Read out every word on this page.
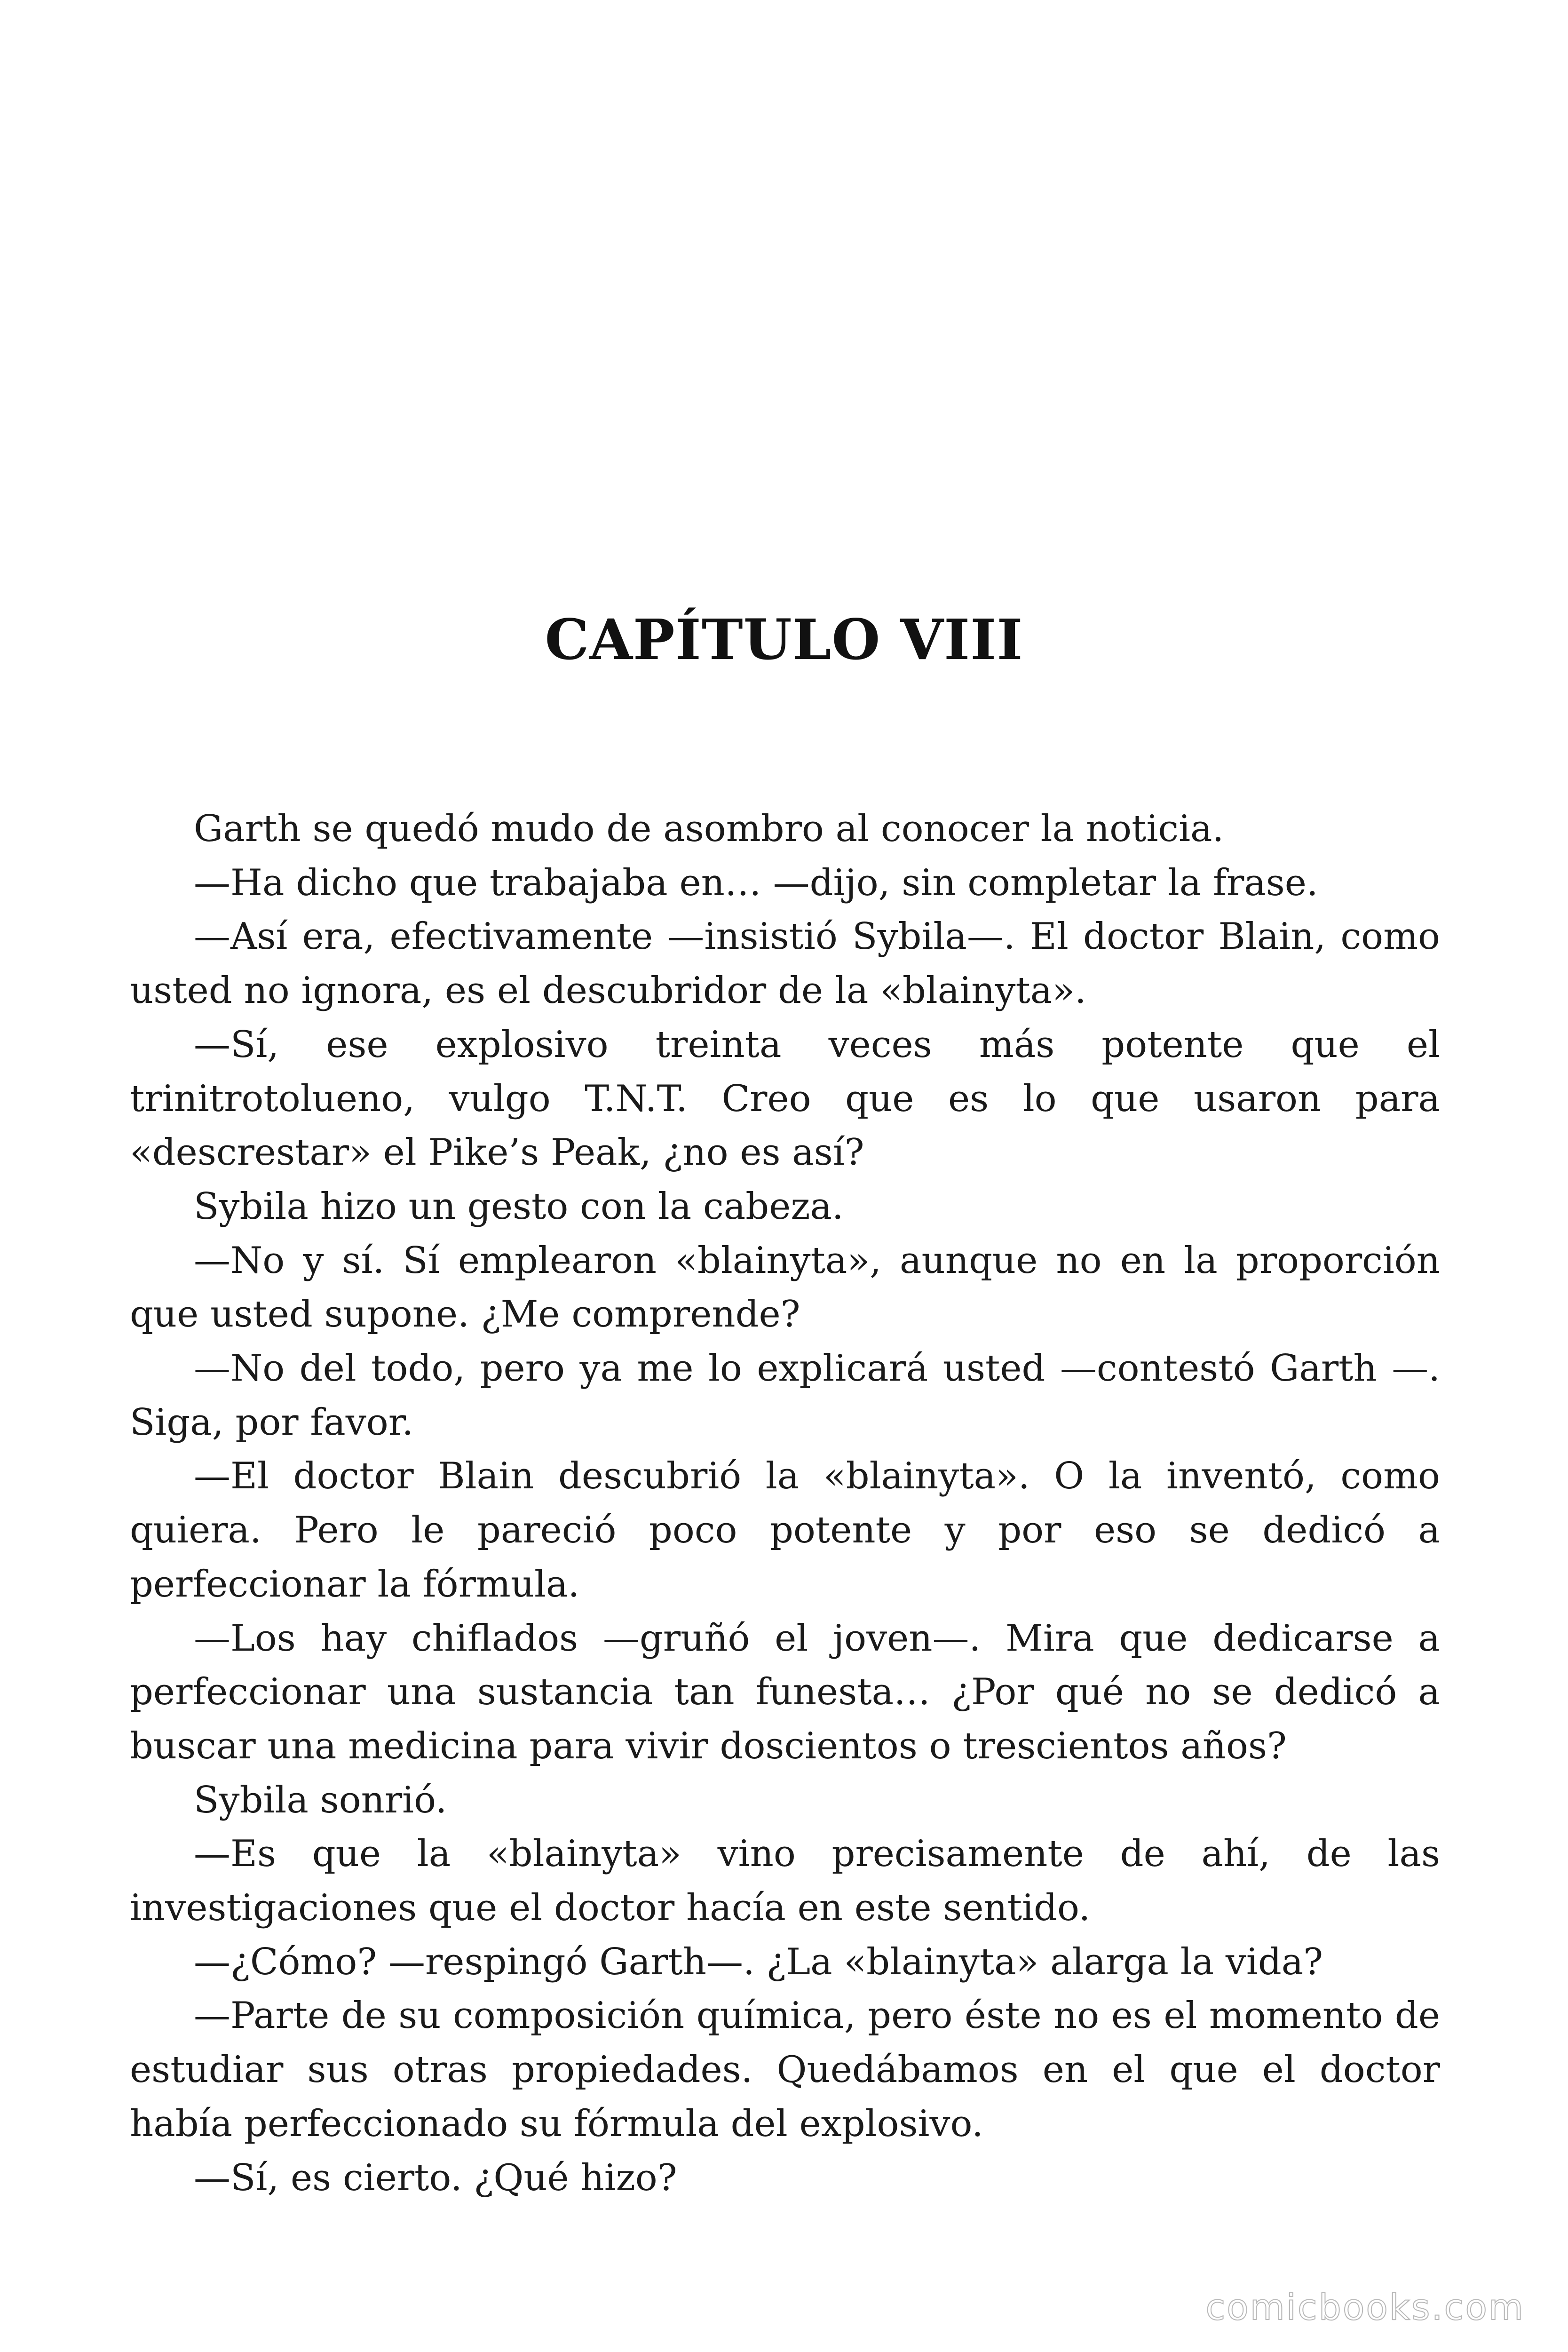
CAPÍTULO VIII

Garth se quedó mudo de asombro al conocer la noticia.

—Ha dicho que trabajaba en… —dijo, sin completar la frase.

—Así era, efectivamente —insistió Sybila—. El doctor Blain, como usted no ignora, es el descubridor de la «blainyta».

—Sí, ese explosivo treinta veces más potente que el trinitrotolueno, vulgo T.N.T. Creo que es lo que usaron para «descrestar» el Pike’s Peak, ¿no es así?

Sybila hizo un gesto con la cabeza.

—No y sí. Sí emplearon «blainyta», aunque no en la proporción que usted supone. ¿Me comprende?

—No del todo, pero ya me lo explicará usted —contestó Garth —. Siga, por favor.

—El doctor Blain descubrió la «blainyta». O la inventó, como quiera. Pero le pareció poco potente y por eso se dedicó a perfeccionar la fórmula.

—Los hay chiflados —gruñó el joven—. Mira que dedicarse a perfeccionar una sustancia tan funesta… ¿Por qué no se dedicó a buscar una medicina para vivir doscientos o trescientos años?

Sybila sonrió.

—Es que la «blainyta» vino precisamente de ahí, de las investigaciones que el doctor hacía en este sentido.

—¿Cómo? —respingó Garth—. ¿La «blainyta» alarga la vida?

—Parte de su composición química, pero éste no es el momento de estudiar sus otras propiedades. Quedábamos en el que el doctor había perfeccionado su fórmula del explosivo.

—Sí, es cierto. ¿Qué hizo?

comicbooks.com
